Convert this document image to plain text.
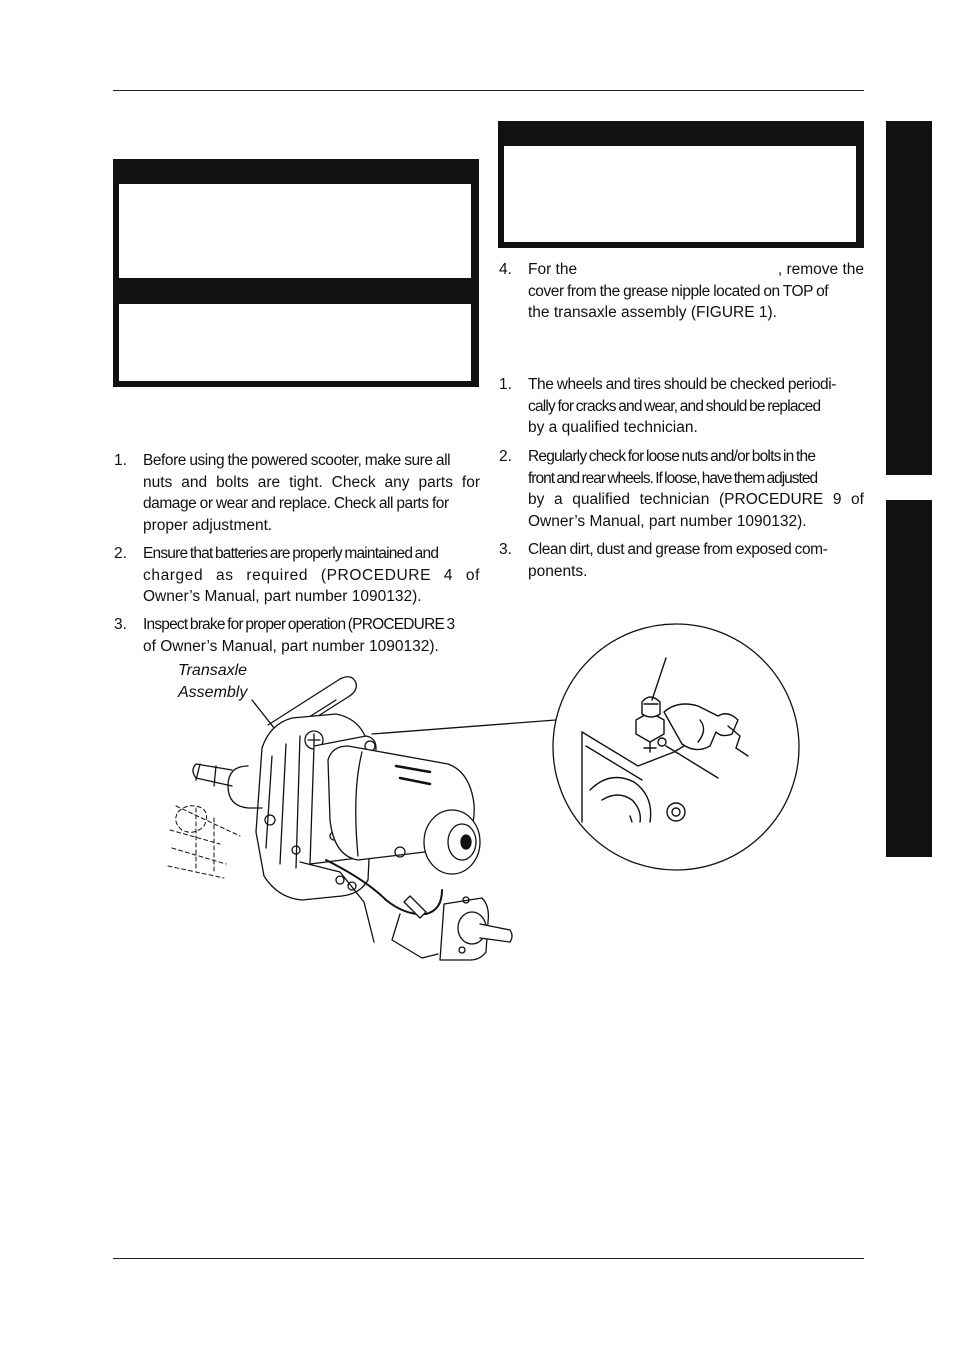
1. Before using the powered scooter, make sure all
nuts and bolts are tight. Check any parts for
damage or wear and replace. Check all parts for
proper adjustment.
2. Ensure that batteries are properly maintained and
charged as required (PROCEDURE 4 of
Owner’s Manual, part number 1090132).
3. Inspect brake for proper operation (PROCEDURE 3
of Owner’s Manual, part number 1090132).
4. For the	, remove the
cover from the grease nipple located on TOP of
the transaxle assembly (FIGURE 1).
1. The wheels and tires should be checked periodi-
cally for cracks and wear, and should be replaced
by a qualified technician.
2. Regularly check for loose nuts and/or bolts in the
front and rear wheels. If loose, have them adjusted
by a qualified technician (PROCEDURE 9 of
Owner’s Manual, part number 1090132).
3. Clean dirt, dust and grease from exposed com-
ponents.
Transaxle
Assembly
